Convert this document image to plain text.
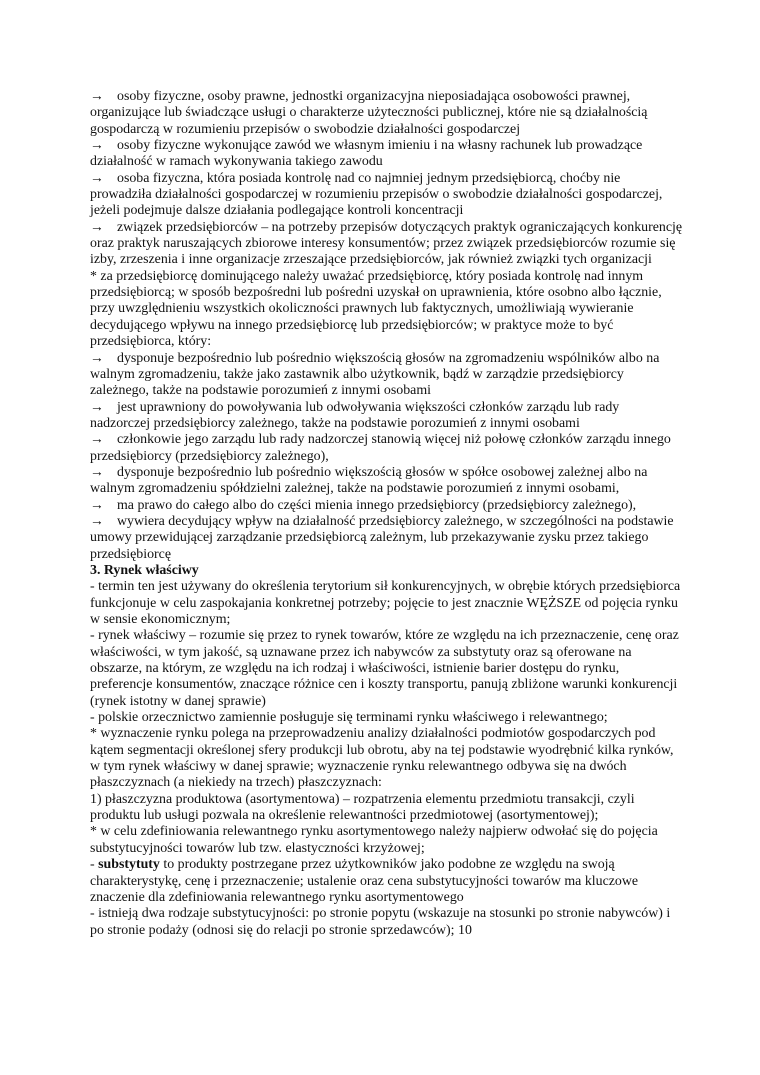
→ osoby fizyczne, osoby prawne, jednostki organizacyjna nieposiadająca osobowości prawnej, organizujące lub świadczące usługi o charakterze użyteczności publicznej, które nie są działalnością gospodarczą w rozumieniu przepisów o swobodzie działalności gospodarczej

→ osoby fizyczne wykonujące zawód we własnym imieniu i na własny rachunek lub prowadzące działalność w ramach wykonywania takiego zawodu

→ osoba fizyczna, która posiada kontrolę nad co najmniej jednym przedsiębiorcą, choćby nie prowadziła działalności gospodarczej w rozumieniu przepisów o swobodzie działalności gospodarczej, jeżeli podejmuje dalsze działania podlegające kontroli koncentracji

→ związek przedsiębiorców – na potrzeby przepisów dotyczących praktyk ograniczających konkurencję oraz praktyk naruszających zbiorowe interesy konsumentów; przez związek przedsiębiorców rozumie się izby, zrzeszenia i inne organizacje zrzeszające przedsiębiorców, jak również związki tych organizacji

* za przedsiębiorcę dominującego należy uważać przedsiębiorcę, który posiada kontrolę nad innym przedsiębiorcą; w sposób bezpośredni lub pośredni uzyskał on uprawnienia, które osobno albo łącznie, przy uwzględnieniu wszystkich okoliczności prawnych lub faktycznych, umożliwiają wywieranie decydującego wpływu na innego przedsiębiorcę lub przedsiębiorców; w praktyce może to być przedsiębiorca, który:

→ dysponuje bezpośrednio lub pośrednio większością głosów na zgromadzeniu wspólników albo na walnym zgromadzeniu, także jako zastawnik albo użytkownik, bądź w zarządzie przedsiębiorcy zależnego, także na podstawie porozumień z innymi osobami

→ jest uprawniony do powoływania lub odwoływania większości członków zarządu lub rady nadzorczej przedsiębiorcy zależnego, także na podstawie porozumień z innymi osobami

→ członkowie jego zarządu lub rady nadzorczej stanowią więcej niż połowę członków zarządu innego przedsiębiorcy (przedsiębiorcy zależnego),

→ dysponuje bezpośrednio lub pośrednio większością głosów w spółce osobowej zależnej albo na walnym zgromadzeniu spółdzielni zależnej, także na podstawie porozumień z innymi osobami,

→ ma prawo do całego albo do części mienia innego przedsiębiorcy (przedsiębiorcy zależnego),

→ wywiera decydujący wpływ na działalność przedsiębiorcy zależnego, w szczególności na podstawie umowy przewidującej zarządzanie przedsiębiorcą zależnym, lub przekazywanie zysku przez takiego przedsiębiorcę

3. Rynek właściwy

- termin ten jest używany do określenia terytorium sił konkurencyjnych, w obrębie których przedsiębiorca funkcjonuje w celu zaspokajania konkretnej potrzeby; pojęcie to jest znacznie WĘŻSZE od pojęcia rynku w sensie ekonomicznym;

- rynek właściwy – rozumie się przez to rynek towarów, które ze względu na ich przeznaczenie, cenę oraz właściwości, w tym jakość, są uznawane przez ich nabywców za substytuty oraz są oferowane na obszarze, na którym, ze względu na ich rodzaj i właściwości, istnienie barier dostępu do rynku, preferencje konsumentów, znaczące różnice cen i koszty transportu, panują zbliżone warunki konkurencji (rynek istotny w danej sprawie)

- polskie orzecznictwo zamiennie posługuje się terminami rynku właściwego i relewantnego;

* wyznaczenie rynku polega na przeprowadzeniu analizy działalności podmiotów gospodarczych pod kątem segmentacji określonej sfery produkcji lub obrotu, aby na tej podstawie wyodrębnić kilka rynków, w tym rynek właściwy w danej sprawie; wyznaczenie rynku relewantnego odbywa się na dwóch płaszczyznach (a niekiedy na trzech) płaszczyznach:

1) płaszczyzna produktowa (asortymentowa) – rozpatrzenia elementu przedmiotu transakcji, czyli produktu lub usługi pozwala na określenie relewantności przedmiotowej (asortymentowej);

* w celu zdefiniowania relewantnego rynku asortymentowego należy najpierw odwołać się do pojęcia substytucyjności towarów lub tzw. elastyczności krzyżowej;

- substytuty to produkty postrzegane przez użytkowników jako podobne ze względu na swoją charakterystykę, cenę i przeznaczenie; ustalenie oraz cena substytucyjności towarów ma kluczowe znaczenie dla zdefiniowania relewantnego rynku asortymentowego

- istnieją dwa rodzaje substytucyjności: po stronie popytu (wskazuje na stosunki po stronie nabywców) i po stronie podaży (odnosi się do relacji po stronie sprzedawców); 10
